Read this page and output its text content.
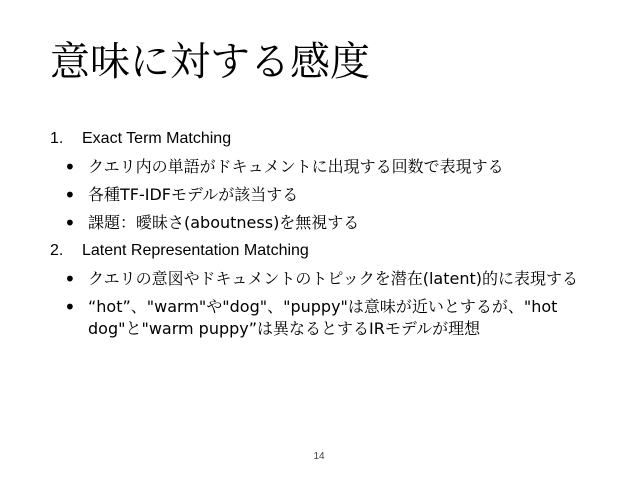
意味に対する感度
1.	Exact Term Matching
• クエリ内の単語がドキュメントに出現する回数で表現する
• 各種TF-IDFモデルが該当する
• 課題：曖昧さ(aboutness)を無視する
2.	Latent Representation Matching
• クエリの意図やドキュメントのトピックを潜在(latent)的に表現する
• “hot”、"warm"や"dog"、"puppy"は意味が近いとするが、"hot dog"と"warm puppy”は異なるとするIRモデルが理想
14
